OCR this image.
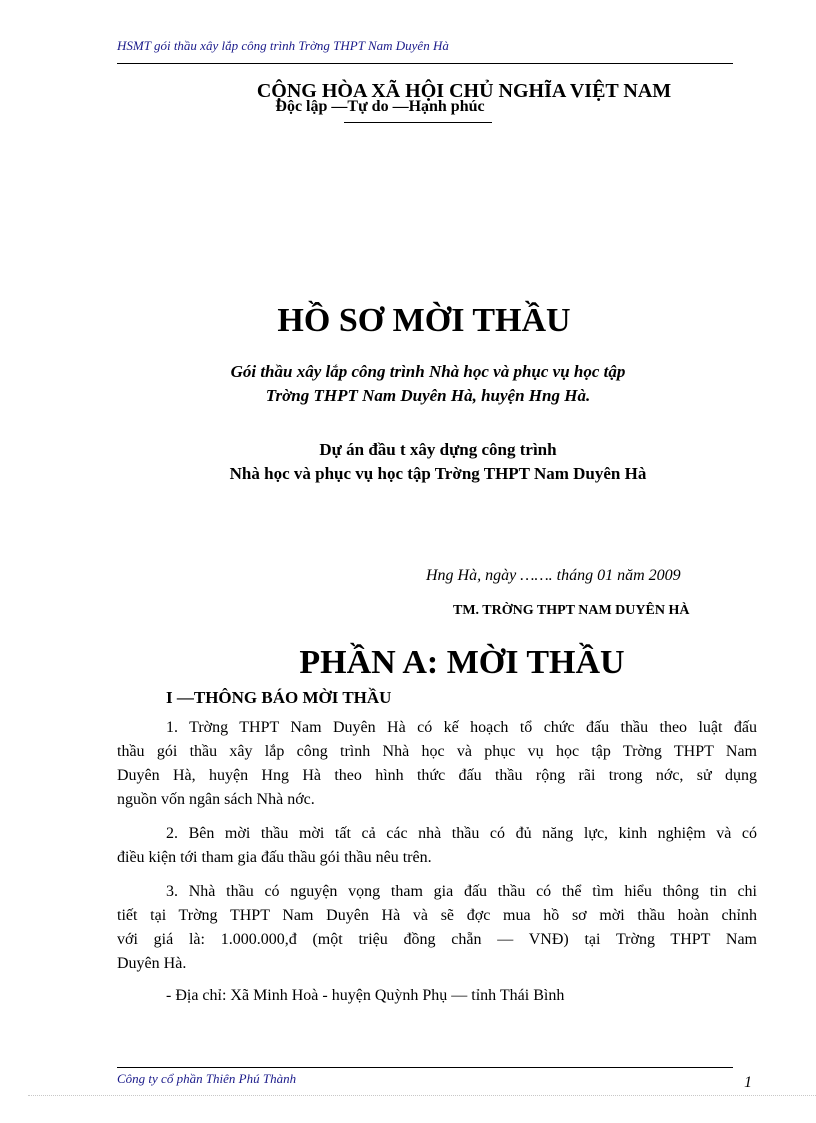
HSMT gói thầu xây lắp công trình Trờng THPT Nam Duyên Hà
CỘNG HÒA XÃ HỘI CHỦ NGHĨA VIỆT NAM
Độc lập —Tự do —Hạnh phúc
HỒ SƠ MỜI THẦU
Gói thầu xây lắp công trình Nhà học và phục vụ học tập
Trờng THPT Nam Duyên Hà, huyện Hng Hà.
Dự án đầu t xây dựng công trình
Nhà học và phục vụ học tập Trờng THPT Nam Duyên Hà
Hng Hà, ngày ……. tháng 01 năm 2009
TM. TRỜNG THPT NAM DUYÊN HÀ
PHẦN A: MỜI THẦU
I —THÔNG BÁO MỜI THẦU
1. Trờng THPT Nam Duyên Hà có kế hoạch tổ chức đấu thầu theo luật đấu
thầu gói thầu xây lắp công trình Nhà học và phục vụ học tập Trờng THPT Nam
Duyên Hà, huyện Hng Hà theo hình thức đấu thầu rộng rãi trong nớc, sử dụng
nguồn vốn ngân sách Nhà nớc.
2. Bên mời thầu mời tất cả các nhà thầu có đủ năng lực, kinh nghiệm và có
điều kiện tới tham gia đấu thầu gói thầu nêu trên.
3. Nhà thầu có nguyện vọng tham gia đấu thầu có thể tìm hiểu thông tin chi
tiết tại Trờng THPT Nam Duyên Hà và sẽ đợc mua hồ sơ mời thầu hoàn chỉnh
với giá là: 1.000.000,đ (một triệu đồng chẵn — VNĐ) tại Trờng THPT Nam
Duyên Hà.
- Địa chỉ: Xã Minh Hoà - huyện Quỳnh Phụ — tỉnh Thái Bình
Công ty cổ phần Thiên Phú Thành	1
